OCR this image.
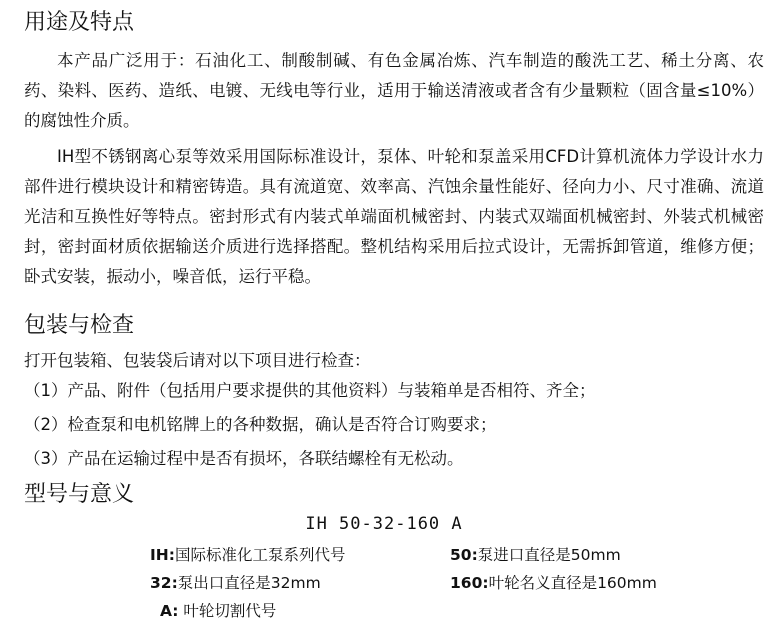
用途及特点

本产品广泛用于：石油化工、制酸制碱、有色金属冶炼、汽车制造的酸洗工艺、稀土分离、农药、染料、医药、造纸、电镀、无线电等行业，适用于输送清液或者含有少量颗粒（固含量≤10%）的腐蚀性介质。

IH型不锈钢离心泵等效采用国际标准设计，泵体、叶轮和泵盖采用CFD计算机流体力学设计水力部件进行模块设计和精密铸造。具有流道宽、效率高、汽蚀余量性能好、径向力小、尺寸准确、流道光洁和互换性好等特点。密封形式有内装式单端面机械密封、内装式双端面机械密封、外装式机械密封，密封面材质依据输送介质进行选择搭配。整机结构采用后拉式设计，无需拆卸管道，维修方便；卧式安装，振动小，噪音低，运行平稳。

包装与检查

打开包装箱、包装袋后请对以下项目进行检查：

（1）产品、附件（包括用户要求提供的其他资料）与装箱单是否相符、齐全；

（2）检查泵和电机铭牌上的各种数据，确认是否符合订购要求；

（3）产品在运输过程中是否有损坏，各联结螺栓有无松动。

型号与意义
IH 50-32-160 A
IH:国际标准化工泵系列代号	50:泵进口直径是50mm
32:泵出口直径是32mm	160:叶轮名义直径是160mm
A: 叶轮切割代号
